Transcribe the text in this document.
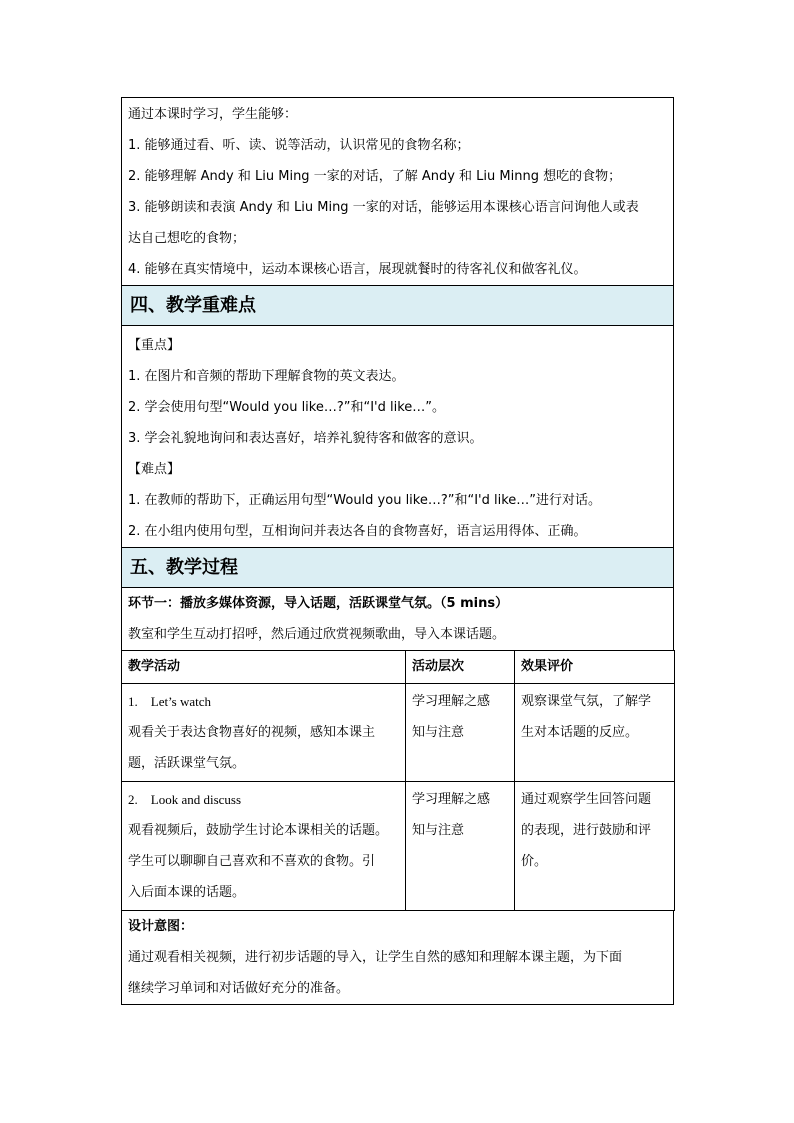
通过本课时学习，学生能够：
1. 能够通过看、听、读、说等活动，认识常见的食物名称；
2. 能够理解 Andy 和 Liu Ming 一家的对话，了解 Andy 和 Liu Minng 想吃的食物；
3. 能够朗读和表演 Andy 和 Liu Ming 一家的对话，能够运用本课核心语言问询他人或表
达自己想吃的食物；
4. 能够在真实情境中，运动本课核心语言，展现就餐时的待客礼仪和做客礼仪。
四、教学重难点
【重点】
1. 在图片和音频的帮助下理解食物的英文表达。
2. 学会使用句型“Would you like…?”和“I'd like…”。
3. 学会礼貌地询问和表达喜好，培养礼貌待客和做客的意识。
【难点】
1. 在教师的帮助下，正确运用句型“Would you like…?”和“I'd like…”进行对话。
2. 在小组内使用句型，互相询问并表达各自的食物喜好，语言运用得体、正确。
五、教学过程
环节一：播放多媒体资源，导入话题，活跃课堂气氛。（5 mins）
教室和学生互动打招呼，然后通过欣赏视频歌曲，导入本课话题。
教学活动	活动层次	效果评价

1.　Let’s watch
观看关于表达食物喜好的视频，感知本课主
题，活跃课堂气氛。	学习理解之感
知与注意	观察课堂气氛，了解学
生对本话题的反应。

2.　Look and discuss
观看视频后，鼓励学生讨论本课相关的话题。
学生可以聊聊自己喜欢和不喜欢的食物。引
入后面本课的话题。	学习理解之感
知与注意	通过观察学生回答问题
的表现，进行鼓励和评
价。
设计意图：
通过观看相关视频，进行初步话题的导入，让学生自然的感知和理解本课主题，为下面
继续学习单词和对话做好充分的准备。
